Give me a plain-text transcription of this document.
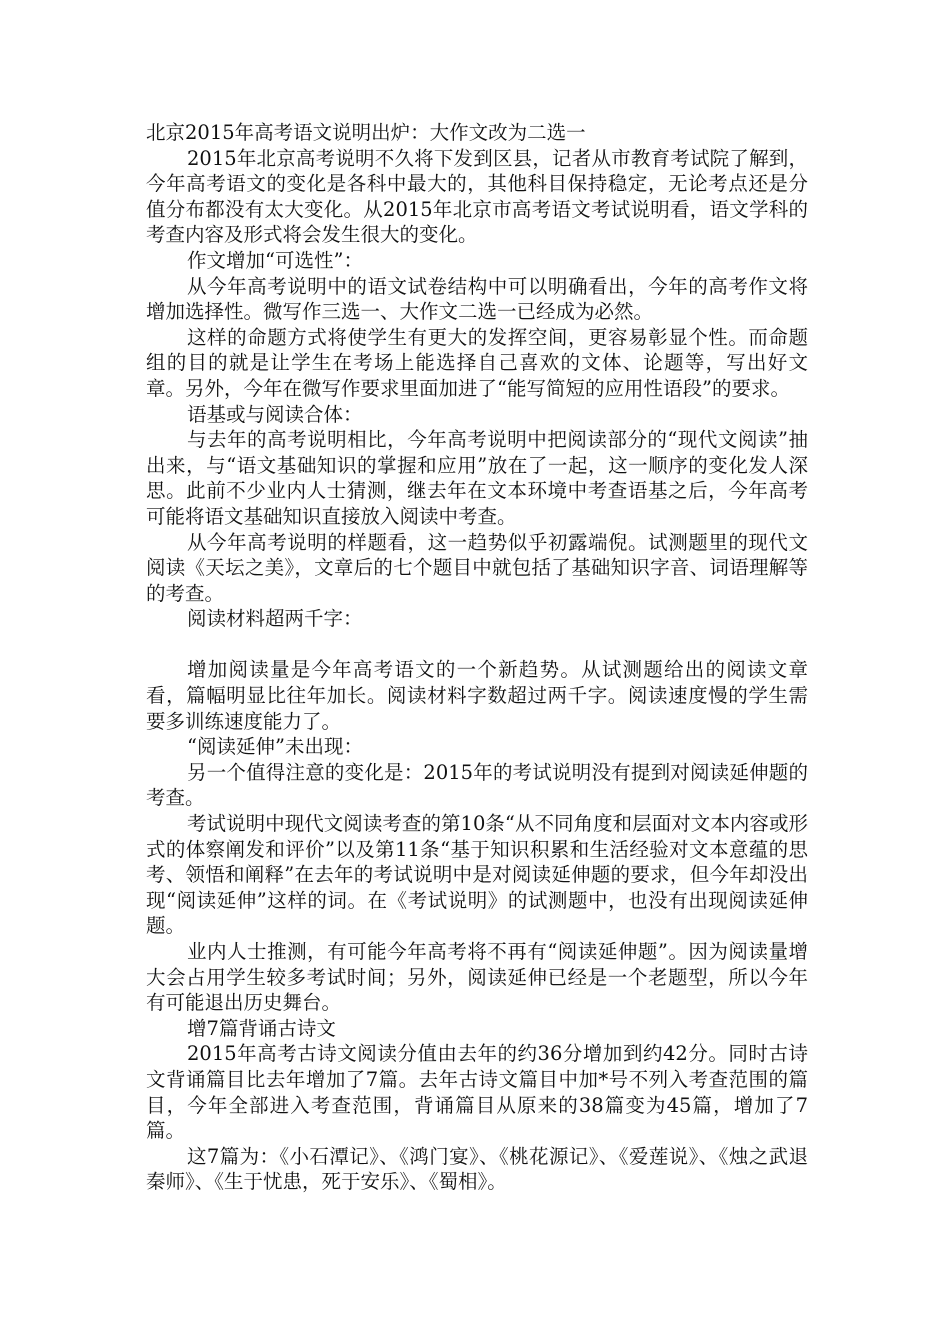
北京2015年高考语文说明出炉：大作文改为二选一

2015年北京高考说明不久将下发到区县，记者从市教育考试院了解到，今年高考语文的变化是各科中最大的，其他科目保持稳定，无论考点还是分值分布都没有太大变化。从2015年北京市高考语文考试说明看，语文学科的考查内容及形式将会发生很大的变化。

作文增加“可选性”：

从今年高考说明中的语文试卷结构中可以明确看出，今年的高考作文将增加选择性。微写作三选一、大作文二选一已经成为必然。

这样的命题方式将使学生有更大的发挥空间，更容易彰显个性。而命题组的目的就是让学生在考场上能选择自己喜欢的文体、论题等，写出好文章。另外，今年在微写作要求里面加进了“能写简短的应用性语段”的要求。

语基或与阅读合体：

与去年的高考说明相比，今年高考说明中把阅读部分的“现代文阅读”抽出来，与“语文基础知识的掌握和应用”放在了一起，这一顺序的变化发人深思。此前不少业内人士猜测，继去年在文本环境中考查语基之后，今年高考可能将语文基础知识直接放入阅读中考查。

从今年高考说明的样题看，这一趋势似乎初露端倪。试测题里的现代文阅读《天坛之美》，文章后的七个题目中就包括了基础知识字音、词语理解等的考查。

阅读材料超两千字：

增加阅读量是今年高考语文的一个新趋势。从试测题给出的阅读文章看，篇幅明显比往年加长。阅读材料字数超过两千字。阅读速度慢的学生需要多训练速度能力了。

“阅读延伸”未出现：

另一个值得注意的变化是：2015年的考试说明没有提到对阅读延伸题的考查。

考试说明中现代文阅读考查的第10条“从不同角度和层面对文本内容或形式的体察阐发和评价”以及第11条“基于知识积累和生活经验对文本意蕴的思考、领悟和阐释”在去年的考试说明中是对阅读延伸题的要求，但今年却没出现“阅读延伸”这样的词。在《考试说明》的试测题中，也没有出现阅读延伸题。

业内人士推测，有可能今年高考将不再有“阅读延伸题”。因为阅读量增大会占用学生较多考试时间；另外，阅读延伸已经是一个老题型，所以今年有可能退出历史舞台。

增7篇背诵古诗文

2015年高考古诗文阅读分值由去年的约36分增加到约42分。同时古诗文背诵篇目比去年增加了7篇。去年古诗文篇目中加*号不列入考查范围的篇目，今年全部进入考查范围，背诵篇目从原来的38篇变为45篇，增加了7篇。

这7篇为：《小石潭记》、《鸿门宴》、《桃花源记》、《爱莲说》、《烛之武退秦师》、《生于忧患，死于安乐》、《蜀相》。
